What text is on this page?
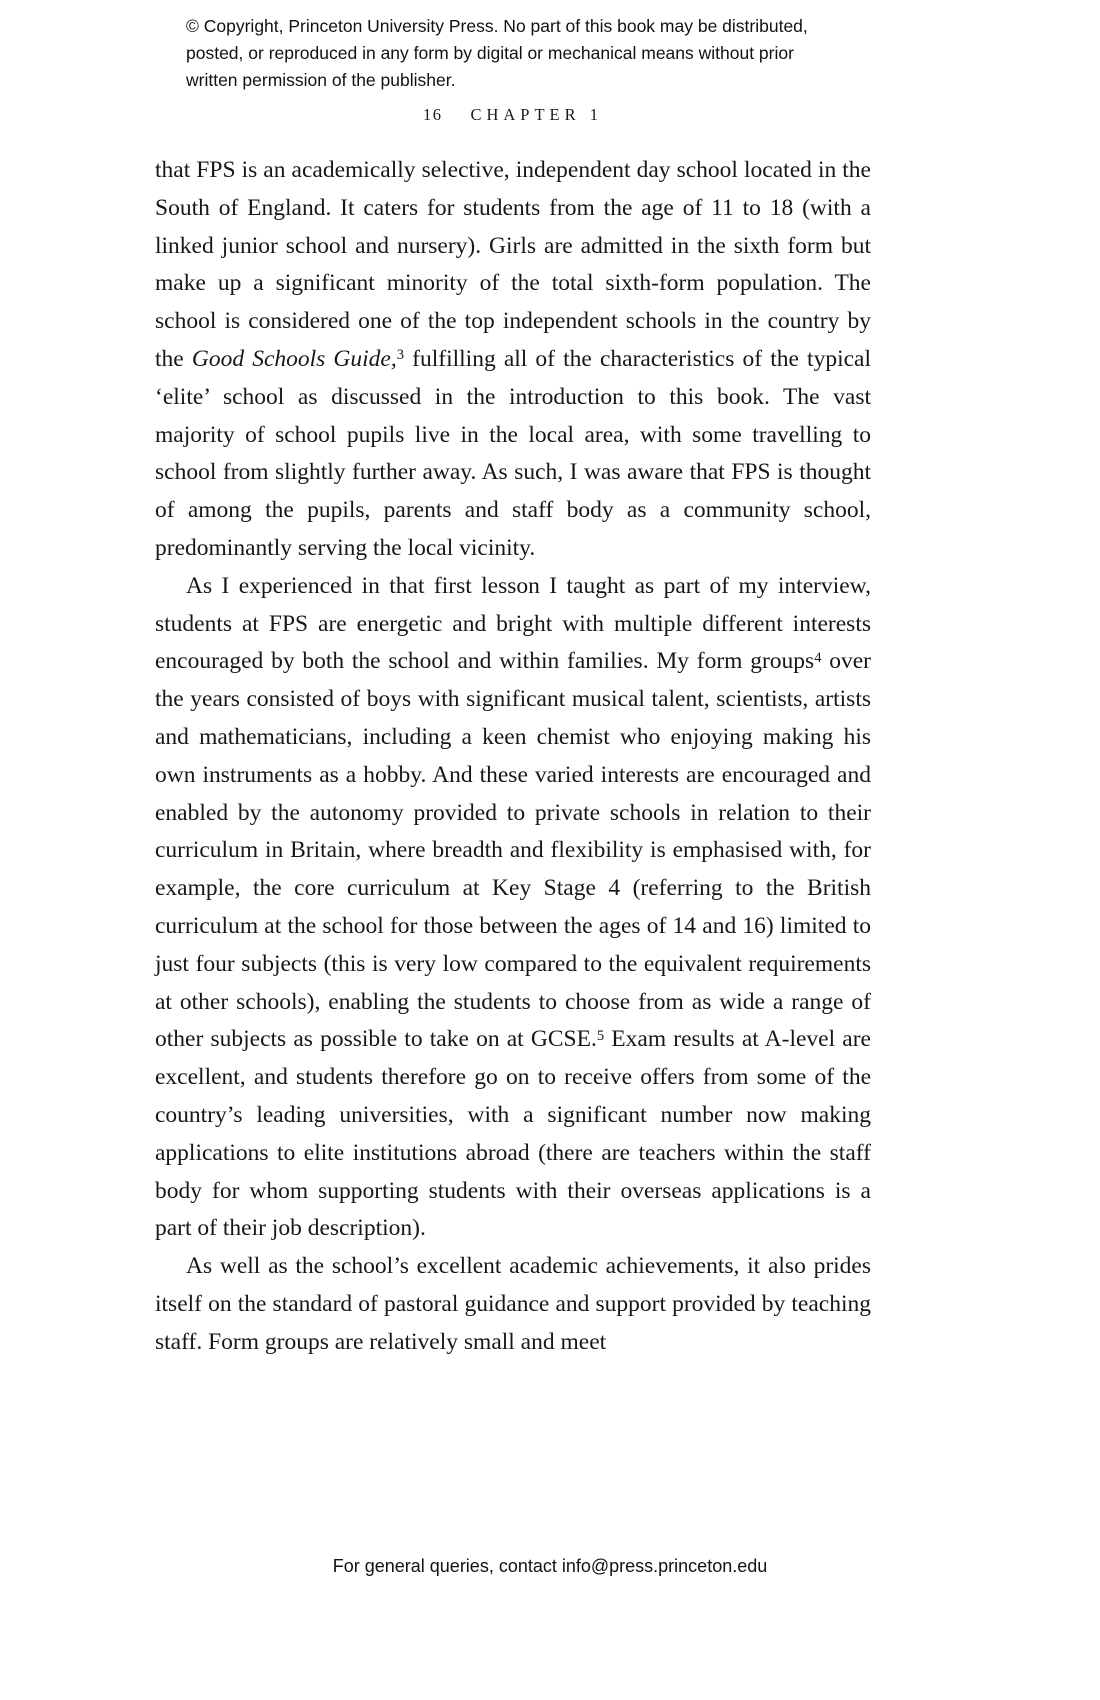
© Copyright, Princeton University Press. No part of this book may be distributed, posted, or reproduced in any form by digital or mechanical means without prior written permission of the publisher.
16 CHAPTER 1

that FPS is an academically selective, independent day school located in the South of England. It caters for students from the age of 11 to 18 (with a linked junior school and nursery). Girls are admitted in the sixth form but make up a significant minority of the total sixth-form population. The school is considered one of the top independent schools in the country by the Good Schools Guide,$^3$ fulfilling all of the characteristics of the typical ‘elite’ school as discussed in the introduction to this book. The vast majority of school pupils live in the local area, with some travelling to school from slightly further away. As such, I was aware that FPS is thought of among the pupils, parents and staff body as a community school, predominantly serving the local vicinity.

As I experienced in that first lesson I taught as part of my interview, students at FPS are energetic and bright with multiple different interests encouraged by both the school and within families. My form groups$^4$ over the years consisted of boys with significant musical talent, scientists, artists and mathematicians, including a keen chemist who enjoying making his own instruments as a hobby. And these varied interests are encouraged and enabled by the autonomy provided to private schools in relation to their curriculum in Britain, where breadth and flexibility is emphasised with, for example, the core curriculum at Key Stage 4 (referring to the British curriculum at the school for those between the ages of 14 and 16) limited to just four subjects (this is very low compared to the equivalent requirements at other schools), enabling the students to choose from as wide a range of other subjects as possible to take on at GCSE.$^5$ Exam results at A-level are excellent, and students therefore go on to receive offers from some of the country’s leading universities, with a significant number now making applications to elite institutions abroad (there are teachers within the staff body for whom supporting students with their overseas applications is a part of their job description).

As well as the school’s excellent academic achievements, it also prides itself on the standard of pastoral guidance and support provided by teaching staff. Form groups are relatively small and meet

For general queries, contact info@press.princeton.edu
